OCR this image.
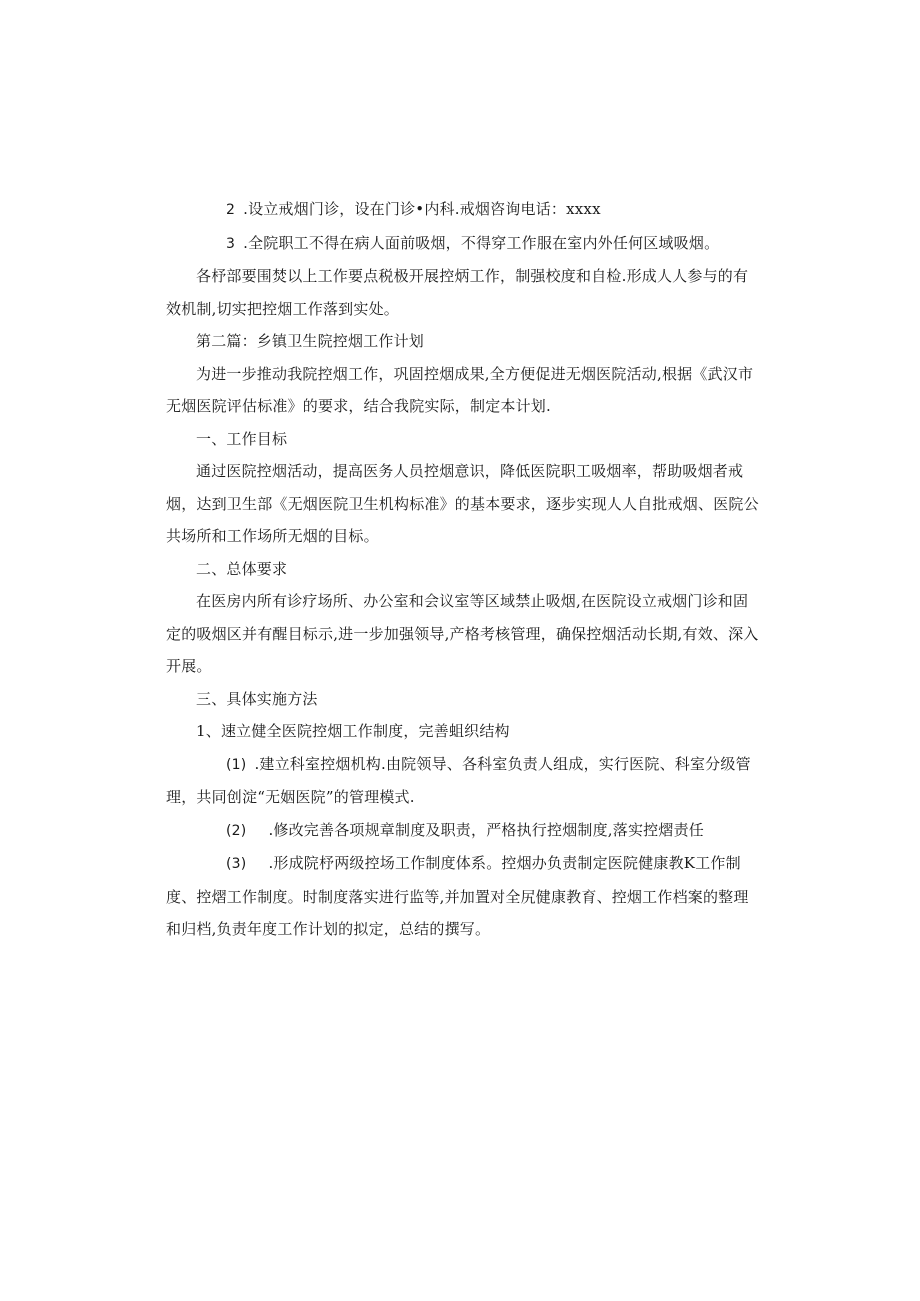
2 .设立戒烟门诊，设在门诊•内科.戒烟咨询电话：xxxx

3 .全院职工不得在病人面前吸烟，不得穿工作服在室内外任何区域吸烟。

各杼部要围焚以上工作要点税极开展控炳工作，制强校度和自检.形成人人参与的有效机制,切实把控烟工作落到实处。

第二篇：乡镇卫生院控烟工作计划

为进一步推动我院控烟工作，巩固控烟成果,全方便促进无烟医院活动,根据《武汉市无烟医院评估标准》的要求，结合我院实际，制定本计划.

一、工作目标

通过医院控烟活动，提高医务人员控烟意识，降低医院职工吸烟率，帮助吸烟者戒烟，达到卫生部《无烟医院卫生机构标准》的基本要求，逐步实现人人自批戒烟、医院公共场所和工作场所无烟的目标。

二、总体要求

在医房内所有诊疗场所、办公室和会议室等区域禁止吸烟,在医院设立戒烟门诊和固定的吸烟区并有醒目标示,进一步加强领导,产格考核管理，确保控烟活动长期,有效、深入开展。

三、具体实施方法

1、速立健全医院控烟工作制度，完善蛆织结构

(1) .建立科室控烟机构.由院领导、各科室负责人组成，实行医院、科室分级管理，共同创淀“无姻医院”的管理模式.

(2) .修改完善各项规章制度及职责，严格执行控烟制度,落实控熠责任

(3) .形成院杼两级控场工作制度体系。控烟办负责制定医院健康教K工作制度、控熠工作制度。时制度落实进行监等,并加置对全尻健康教育、控烟工作档案的整理和归档,负责年度工作计划的拟定，总结的撰写。
